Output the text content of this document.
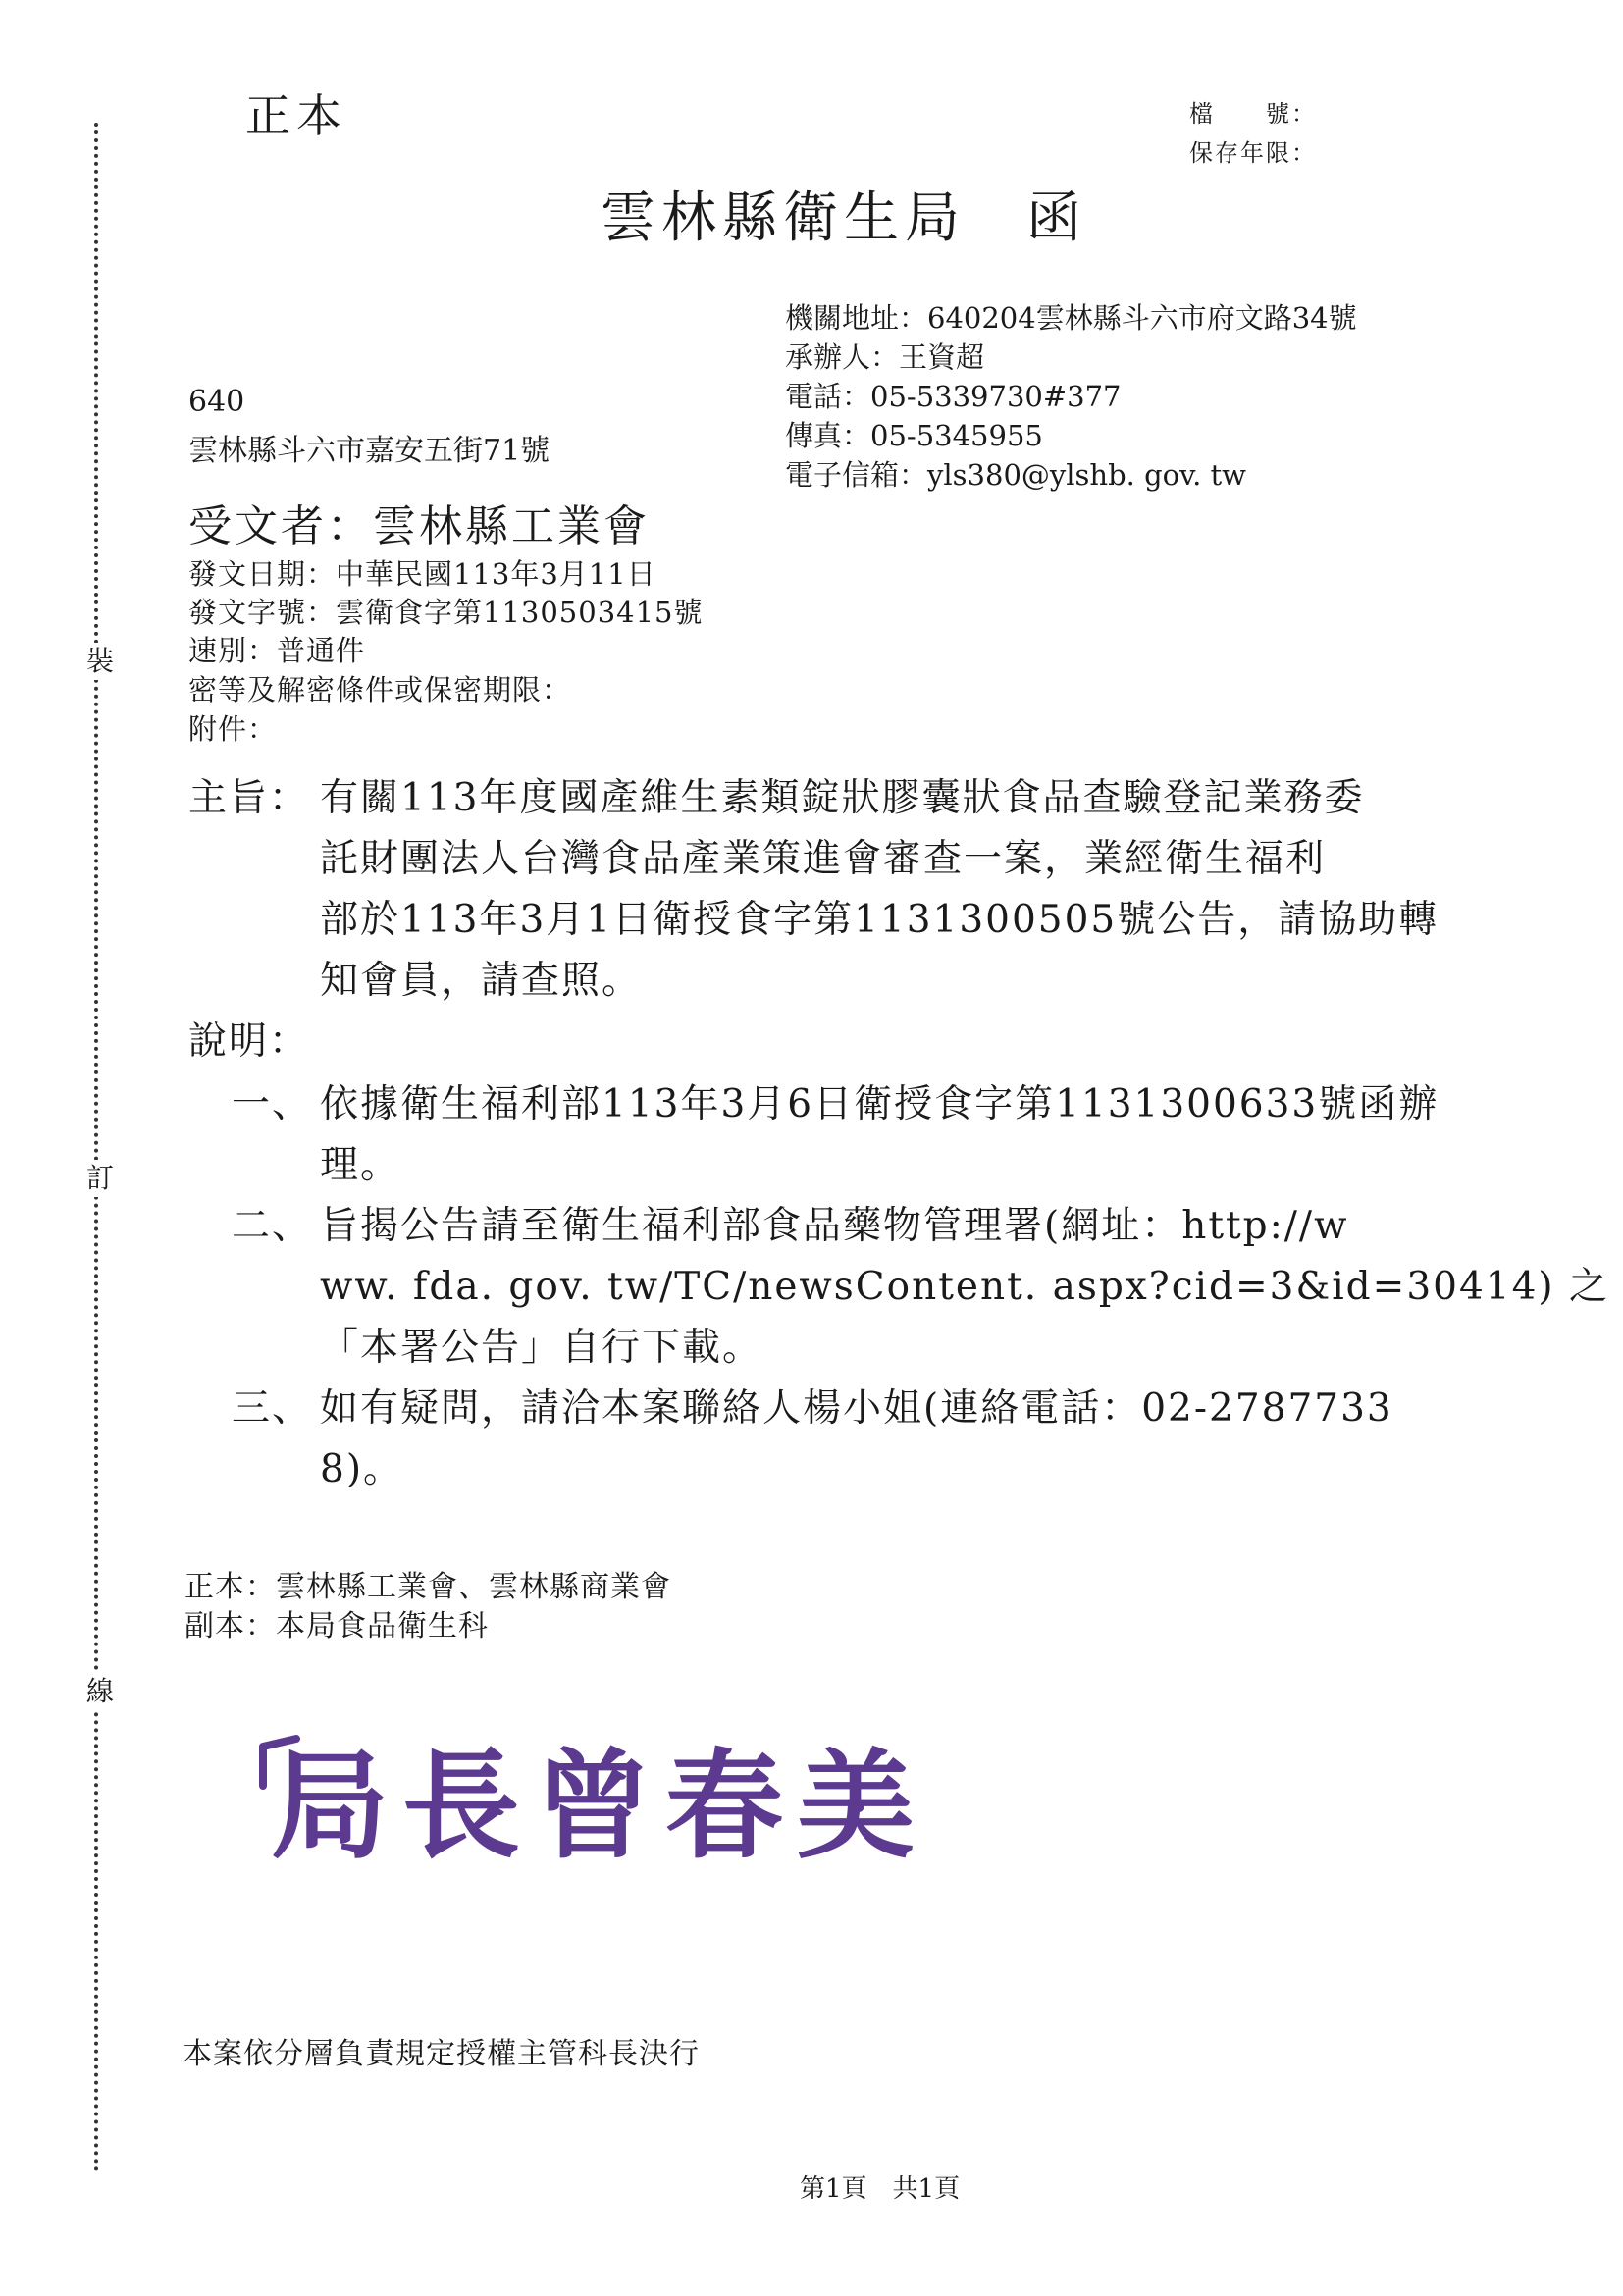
裝
訂
線
正本	檔　　號：
保存年限：
雲林縣衛生局　函
機關地址：640204雲林縣斗六市府文路34號
承辦人：王資超
電話：05-5339730#377
傳真：05-5345955
電子信箱：yls380@ylshb. gov. tw
640
雲林縣斗六市嘉安五街71號
受文者：雲林縣工業會
發文日期：中華民國113年3月11日
發文字號：雲衛食字第1130503415號
速別：普通件
密等及解密條件或保密期限：
附件：
主旨： 有關113年度國產維生素類錠狀膠囊狀食品查驗登記業務委
託財團法人台灣食品產業策進會審查一案，業經衛生福利
部於113年3月1日衛授食字第1131300505號公告，請協助轉
知會員，請查照。
說明：
一、 依據衛生福利部113年3月6日衛授食字第1131300633號函辦
理。
二、 旨揭公告請至衛生福利部食品藥物管理署(網址：http://w
ww. fda. gov. tw/TC/newsContent. aspx?cid=3&id=30414) 之
「本署公告」自行下載。
三、 如有疑問，請洽本案聯絡人楊小姐(連絡電話：02-2787733
8)。
正本：雲林縣工業會、雲林縣商業會
副本：本局食品衛生科
局長曾春美
本案依分層負責規定授權主管科長決行
第1頁　共1頁
